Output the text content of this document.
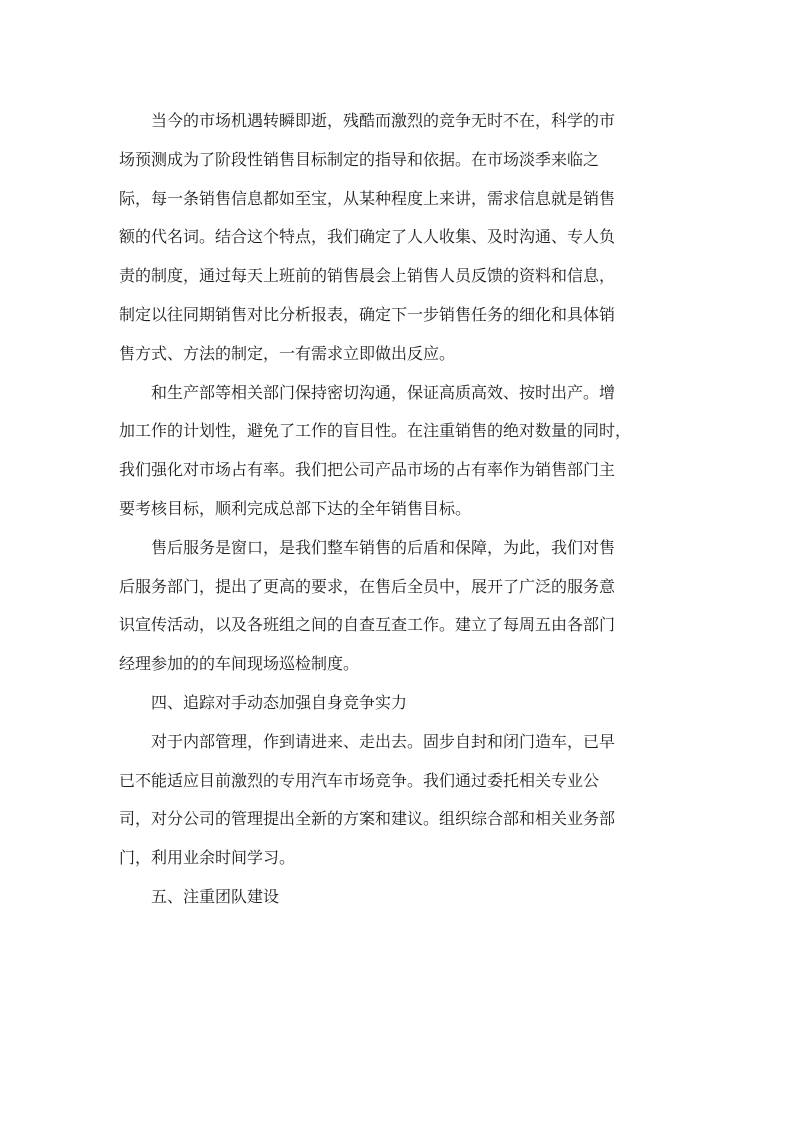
当今的市场机遇转瞬即逝，残酷而激烈的竞争无时不在，科学的市
场预测成为了阶段性销售目标制定的指导和依据。在市场淡季来临之
际，每一条销售信息都如至宝，从某种程度上来讲，需求信息就是销售
额的代名词。结合这个特点，我们确定了人人收集、及时沟通、专人负
责的制度，通过每天上班前的销售晨会上销售人员反馈的资料和信息，
制定以往同期销售对比分析报表，确定下一步销售任务的细化和具体销
售方式、方法的制定，一有需求立即做出反应。
和生产部等相关部门保持密切沟通，保证高质高效、按时出产。增
加工作的计划性，避免了工作的盲目性。在注重销售的绝对数量的同时，
我们强化对市场占有率。我们把公司产品市场的占有率作为销售部门主
要考核目标，顺利完成总部下达的全年销售目标。
售后服务是窗口，是我们整车销售的后盾和保障，为此，我们对售
后服务部门，提出了更高的要求，在售后全员中，展开了广泛的服务意
识宣传活动，以及各班组之间的自查互查工作。建立了每周五由各部门
经理参加的的车间现场巡检制度。
四、追踪对手动态加强自身竞争实力
对于内部管理，作到请进来、走出去。固步自封和闭门造车，已早
已不能适应目前激烈的专用汽车市场竞争。我们通过委托相关专业公
司，对分公司的管理提出全新的方案和建议。组织综合部和相关业务部
门，利用业余时间学习。
五、注重团队建设
